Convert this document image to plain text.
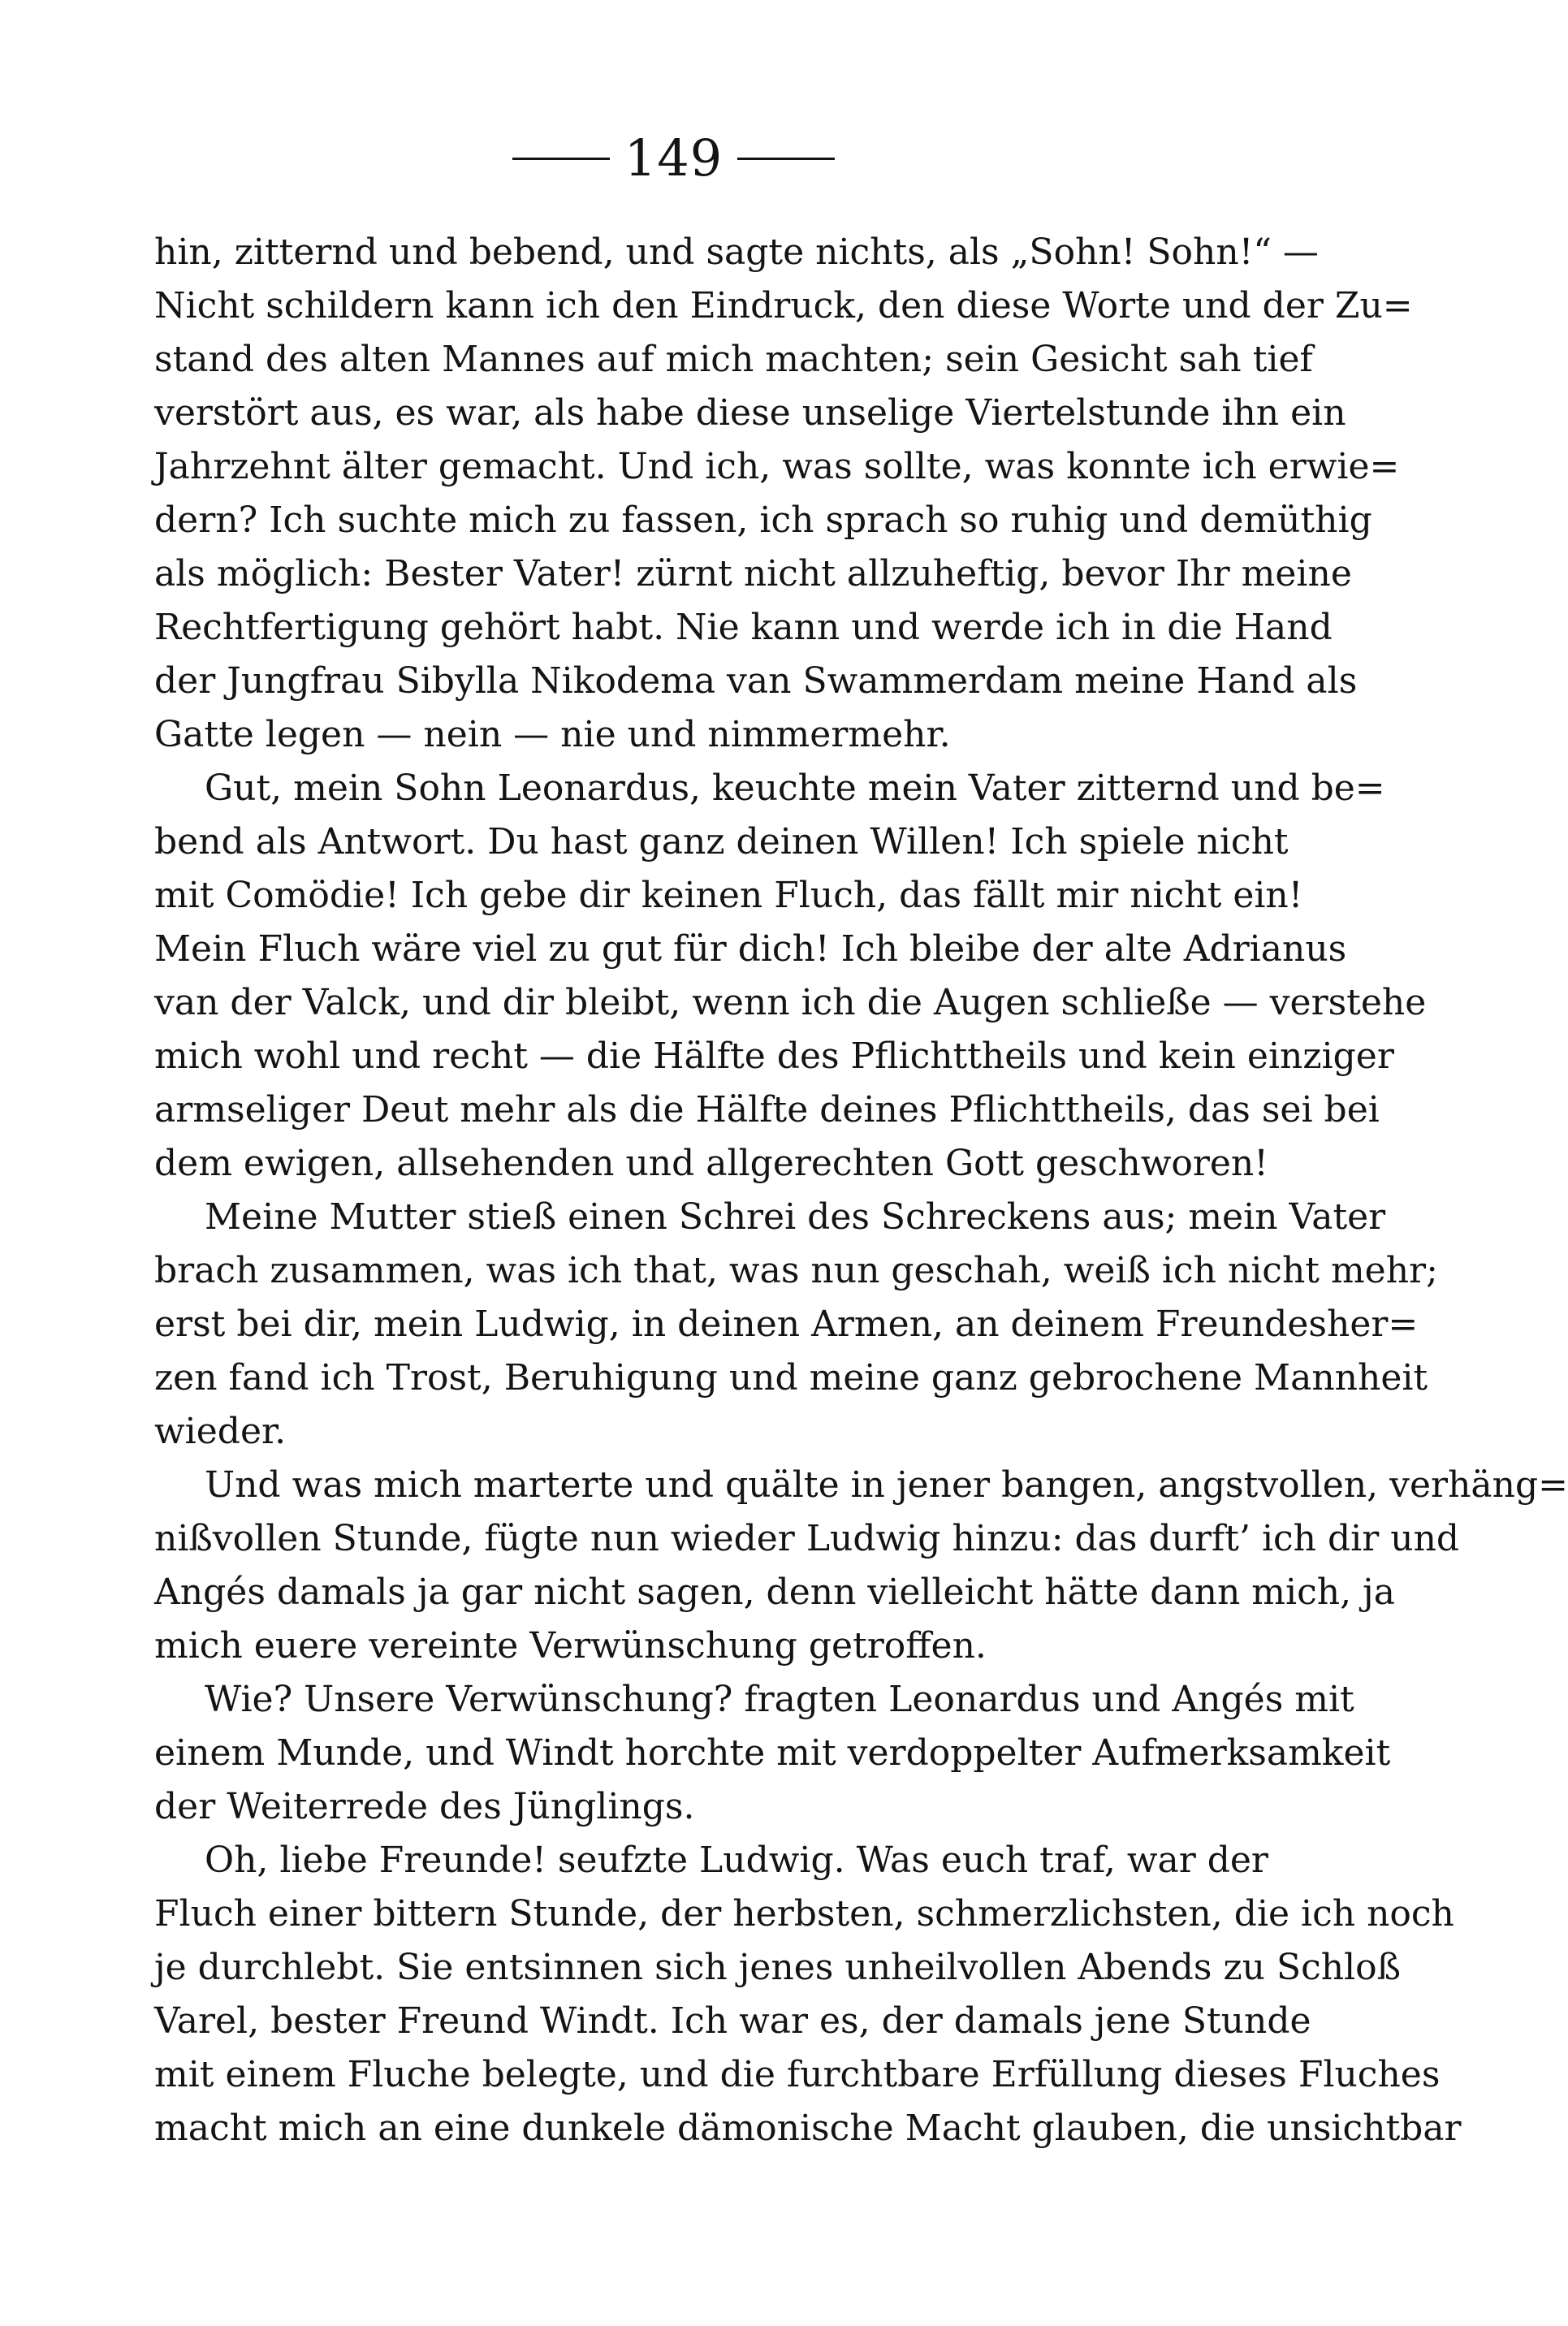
149
hin, zitternd und bebend, und sagte nichts, als „Sohn! Sohn!“ —
Nicht schildern kann ich den Eindruck, den diese Worte und der Zu=
stand des alten Mannes auf mich machten; sein Gesicht sah tief
verstört aus, es war, als habe diese unselige Viertelstunde ihn ein
Jahrzehnt älter gemacht. Und ich, was sollte, was konnte ich erwie=
dern? Ich suchte mich zu fassen, ich sprach so ruhig und demüthig
als möglich: Bester Vater! zürnt nicht allzuheftig, bevor Ihr meine
Rechtfertigung gehört habt. Nie kann und werde ich in die Hand
der Jungfrau Sibylla Nikodema van Swammerdam meine Hand als
Gatte legen — nein — nie und nimmermehr.
Gut, mein Sohn Leonardus, keuchte mein Vater zitternd und be=
bend als Antwort. Du hast ganz deinen Willen! Ich spiele nicht
mit Comödie! Ich gebe dir keinen Fluch, das fällt mir nicht ein!
Mein Fluch wäre viel zu gut für dich! Ich bleibe der alte Adrianus
van der Valck, und dir bleibt, wenn ich die Augen schließe — verstehe
mich wohl und recht — die Hälfte des Pflichttheils und kein einziger
armseliger Deut mehr als die Hälfte deines Pflichttheils, das sei bei
dem ewigen, allsehenden und allgerechten Gott geschworen!
Meine Mutter stieß einen Schrei des Schreckens aus; mein Vater
brach zusammen, was ich that, was nun geschah, weiß ich nicht mehr;
erst bei dir, mein Ludwig, in deinen Armen, an deinem Freundesher=
zen fand ich Trost, Beruhigung und meine ganz gebrochene Mannheit
wieder.
Und was mich marterte und quälte in jener bangen, angstvollen, verhäng=
nißvollen Stunde, fügte nun wieder Ludwig hinzu: das durft’ ich dir und
Angés damals ja gar nicht sagen, denn vielleicht hätte dann mich, ja
mich euere vereinte Verwünschung getroffen.
Wie? Unsere Verwünschung? fragten Leonardus und Angés mit
einem Munde, und Windt horchte mit verdoppelter Aufmerksamkeit
der Weiterrede des Jünglings.
Oh, liebe Freunde! seufzte Ludwig. Was euch traf, war der
Fluch einer bittern Stunde, der herbsten, schmerzlichsten, die ich noch
je durchlebt. Sie entsinnen sich jenes unheilvollen Abends zu Schloß
Varel, bester Freund Windt. Ich war es, der damals jene Stunde
mit einem Fluche belegte, und die furchtbare Erfüllung dieses Fluches
macht mich an eine dunkele dämonische Macht glauben, die unsichtbar
